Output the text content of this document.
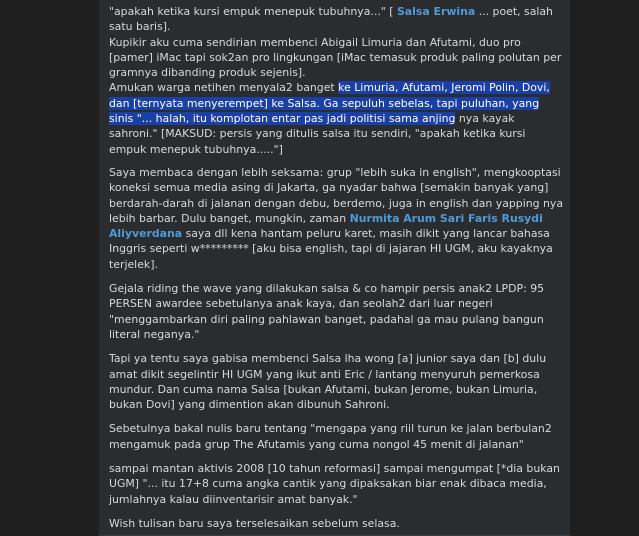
"apakah ketika kursi empuk menepuk tubuhnya..." [ Salsa Erwina ... poet, salah satu baris].

Kupikir aku cuma sendirian membenci Abigail Limuria dan Afutami, duo pro [pamer] iMac tapi sok2an pro lingkungan [iMac temasuk produk paling polutan per gramnya dibanding produk sejenis].

Amukan warga netihen menyala2 banget ke Limuria, Afutami, Jeromi Polin, Dovi, dan [ternyata menyerempet] ke Salsa. Ga sepuluh sebelas, tapi puluhan, yang sinis "... halah, itu komplotan entar pas jadi politisi sama anjing nya kayak sahroni." [MAKSUD: persis yang ditulis salsa itu sendiri, "apakah ketika kursi empuk menepuk tubuhnya....."]

Saya membaca dengan lebih seksama: grup "lebih suka in english", mengkooptasi koneksi semua media asing di Jakarta, ga nyadar bahwa [semakin banyak yang] berdarah-darah di jalanan dengan debu, berdemo, juga in english dan yapping nya lebih barbar. Dulu banget, mungkin, zaman Nurmita Arum Sari Faris Rusydi Aliyverdana saya dll kena hantam peluru karet, masih dikit yang lancar bahasa Inggris seperti w********* [aku bisa english, tapi di jajaran HI UGM, aku kayaknya terjelek].

Gejala riding the wave yang dilakukan salsa & co hampir persis anak2 LPDP: 95 PERSEN awardee sebetulanya anak kaya, dan seolah2 dari luar negeri "menggambarkan diri paling pahlawan banget, padahal ga mau pulang bangun literal neganya."

Tapi ya tentu saya gabisa membenci Salsa lha wong [a] junior saya dan [b] dulu amat dikit segelintir HI UGM yang ikut anti Eric / lantang menyuruh pemerkosa mundur. Dan cuma nama Salsa [bukan Afutami, bukan Jerome, bukan Limuria, bukan Dovi] yang dimention akan dibunuh Sahroni.

Sebetulnya bakal nulis baru tentang "mengapa yang riil turun ke jalan berbulan2 mengamuk pada grup The Afutamis yang cuma nongol 45 menit di jalanan"

sampai mantan aktivis 2008 [10 tahun reformasi] sampai mengumpat [*dia bukan UGM] "... itu 17+8 cuma angka cantik yang dipaksakan biar enak dibaca media, jumlahnya kalau diinventarisir amat banyak."

Wish tulisan baru saya terselesaikan sebelum selasa.
